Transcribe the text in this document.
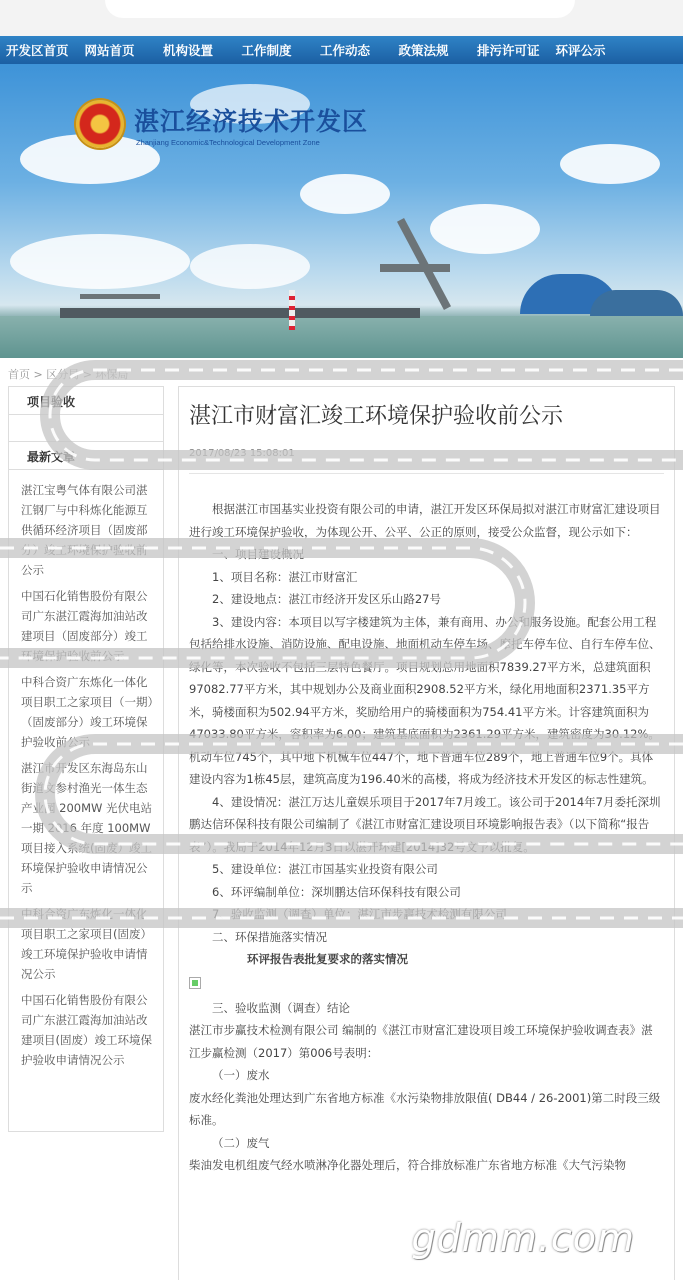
开发区首页	网站首页	机构设置	工作制度	工作动态	政策法规	排污许可证	环评公示
湛江经济技术开发区
Zhanjiang Economic&Technological Development Zone
首页 > 区分局 > 环保局
项目验收
最新文章
湛江宝粤气体有限公司湛江钢厂与中科炼化能源互供循环经济项目（固废部分）竣工环境保护验收前公示
中国石化销售股份有限公司广东湛江霞海加油站改建项目（固废部分）竣工环境保护验收前公示
中科合资广东炼化一体化项目职工之家项目（一期）（固废部分）竣工环境保护验收前公示
湛江市开发区东海岛东山街道文参村渔光一体生态产业园 200MW 光伏电站一期 2016 年度 100MW 项目接入系统(固废）竣工环境保护验收申请情况公示
中科合资广东炼化一体化项目职工之家项目(固废）竣工环境保护验收申请情况公示
中国石化销售股份有限公司广东湛江霞海加油站改建项目(固废）竣工环境保护验收申请情况公示
湛江市财富汇竣工环境保护验收前公示
2017/08/23 15:08:01

根据湛江市国基实业投资有限公司的申请，湛江开发区环保局拟对湛江市财富汇建设项目进行竣工环境保护验收，为体现公开、公平、公正的原则，接受公众监督，现公示如下：

一、项目建设概况

1、项目名称：湛江市财富汇

2、建设地点：湛江市经济开发区乐山路27号

3、建设内容：本项目以写字楼建筑为主体，兼有商用、办公和服务设施。配套公用工程包括给排水设施、消防设施、配电设施、地面机动车停车场、摩托车停车位、自行车停车位、绿化等，本次验收不包括三层特色餐厅。项目规划总用地面积7839.27平方米，总建筑面积97082.77平方米，其中规划办公及商业面积2908.52平方米，绿化用地面积2371.35平方米，骑楼面积为502.94平方米，奖励给用户的骑楼面积为754.41平方米。计容建筑面积为47033.80平方米，容积率为6.00；建筑基底面积为2361.29平方米，建筑密度为30.12%。机动车位745个，其中地下机械车位447个，地下普通车位289个，地上普通车位9个。具体建设内容为1栋45层，建筑高度为196.40米的高楼，将成为经济技术开发区的标志性建筑。

4、建设情况：湛江万达儿童娱乐项目于2017年7月竣工。该公司于2014年7月委托深圳鹏达信环保科技有限公司编制了《湛江市财富汇建设项目环境影响报告表》（以下简称“报告表”）。我局于2014年12月3日以湛开环建[2014]32号文予以批复。

5、建设单位：湛江市国基实业投资有限公司

6、环评编制单位：深圳鹏达信环保科技有限公司

7、验收监测（调查）单位：湛江市步赢技术检测有限公司

二、环保措施落实情况

环评报告表批复要求的落实情况

三、验收监测（调查）结论

湛江市步赢技术检测有限公司 编制的《湛江市财富汇建设项目竣工环境保护验收调查表》湛江步赢检测（2017）第006号表明：

（一）废水

废水经化粪池处理达到广东省地方标准《水污染物排放限值( DB44 / 26-2001)第二时段三级标准。

（二）废气

柴油发电机组废气经水喷淋净化器处理后，符合排放标准广东省地方标准《大气污染物

gdmm.com
